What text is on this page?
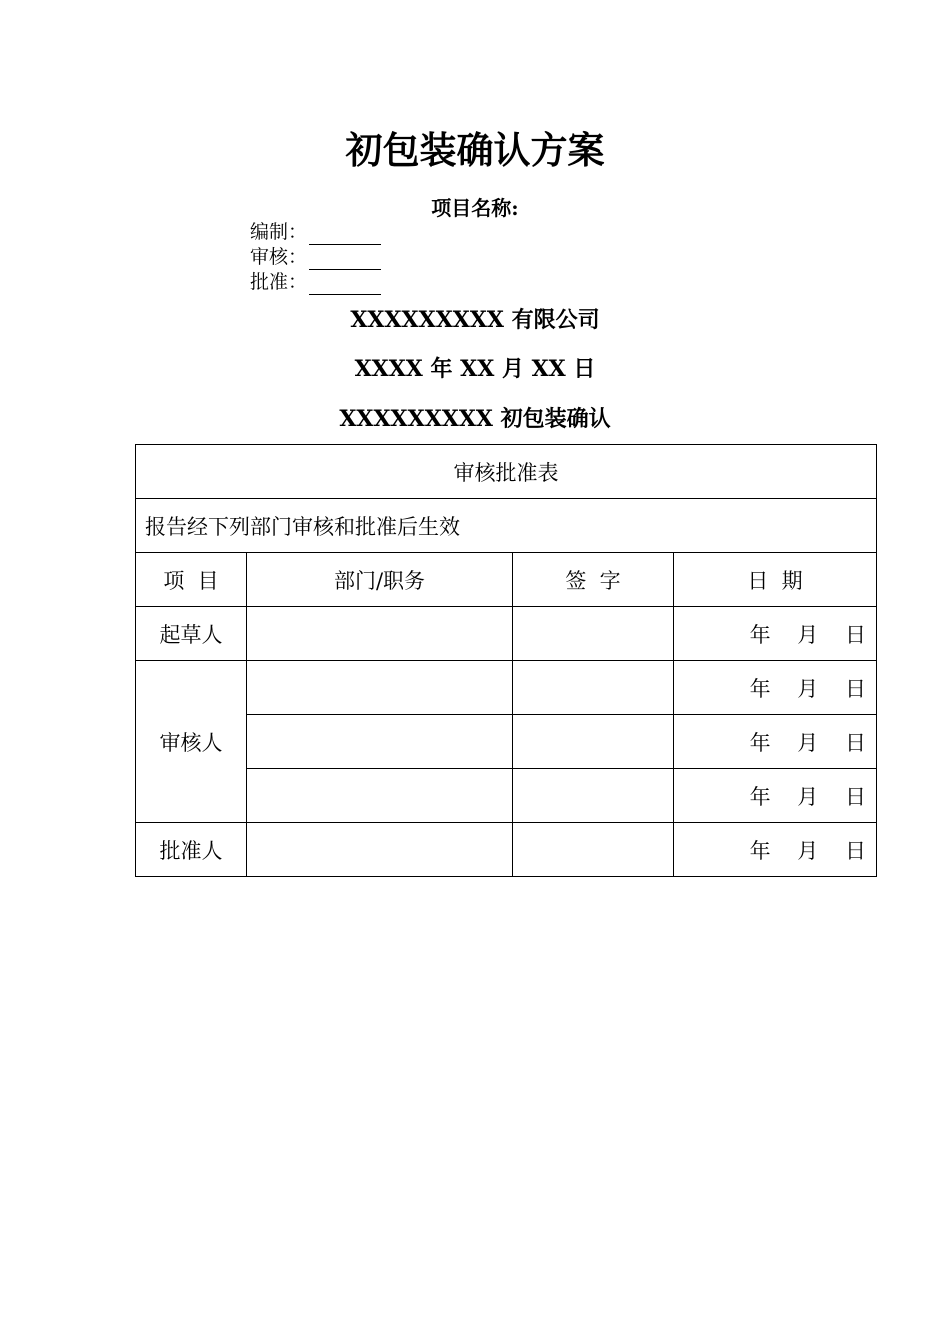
初包装确认方案
项目名称:
编制：
审核：
批准：
XXXXXXXXX 有限公司
XXXX 年 XX 月 XX 日
XXXXXXXXX 初包装确认
审核批准表			
报告经下列部门审核和批准后生效			
项  目	部门/职务	签  字	日  期
起草人			年    月    日
审核人			年    月    日
			年    月    日
			年    月    日
批准人			年    月    日
